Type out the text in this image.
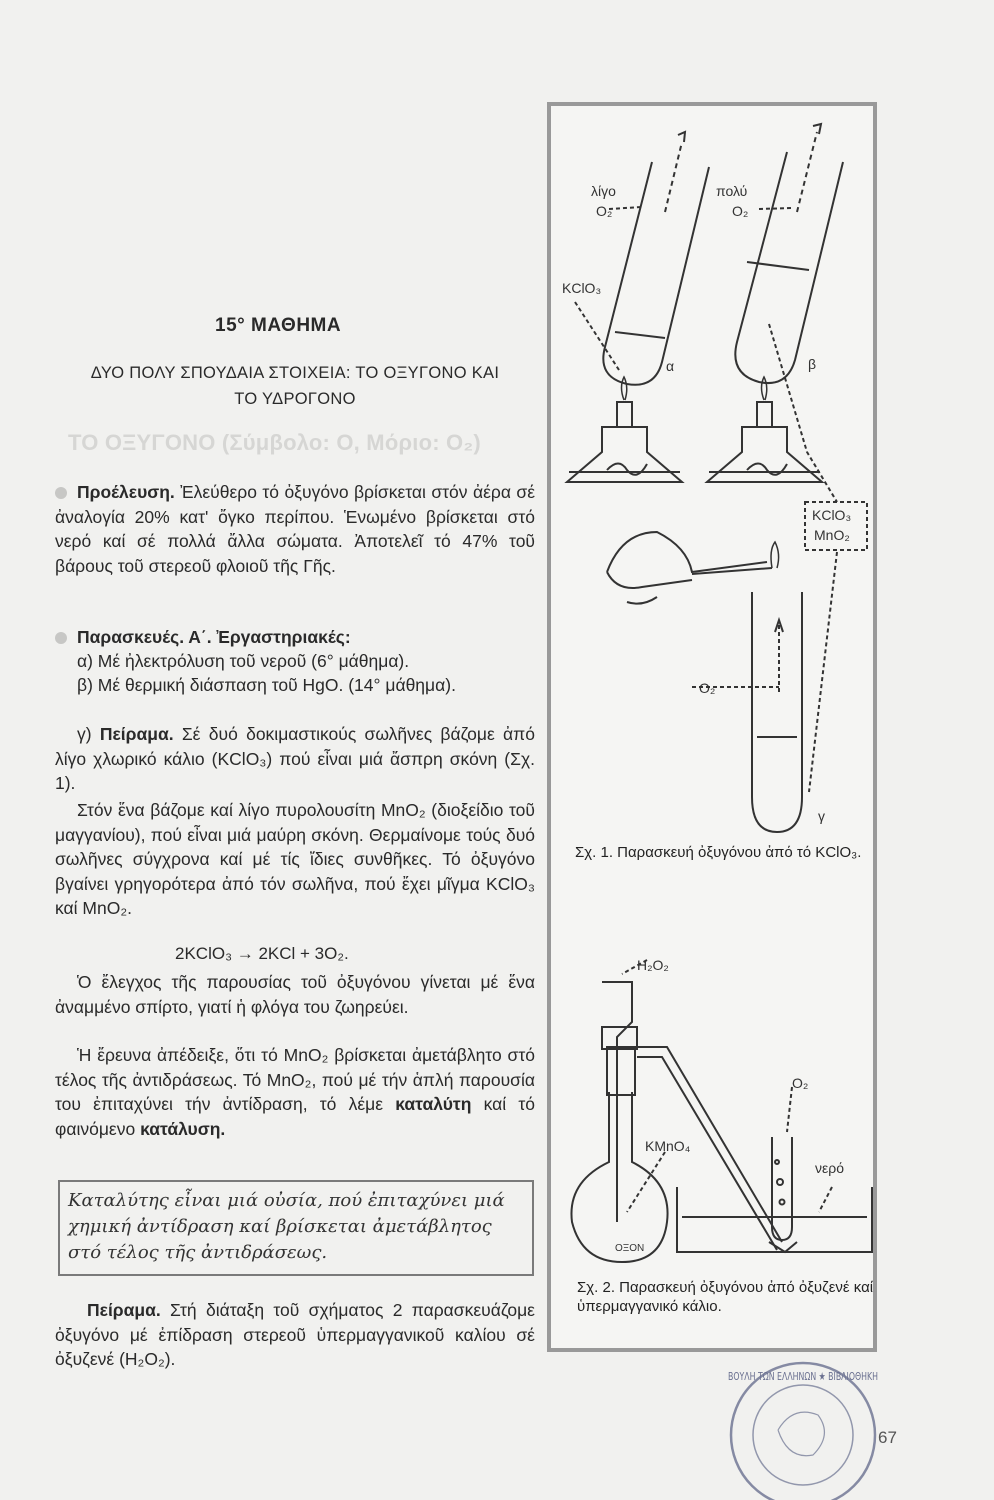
15° ΜΑΘΗΜΑ
ΔΥΟ ΠΟΛΥ ΣΠΟΥΔΑΙΑ ΣΤΟΙΧΕΙΑ: ΤΟ ΟΞΥΓΟΝΟ ΚΑΙ
ΤΟ ΥΔΡΟΓΟΝΟ
ΤΟ ΟΞΥΓΟΝΟ (Σύμβολο: Ο, Μόριο: Ο₂)
Προέλευση. Ἐλεύθερο τό ὀξυγόνο βρίσκεται στόν ἀέρα σέ ἀναλογία 20% κατ' ὄγκο περίπου. Ἑνωμένο βρίσκεται στό νερό καί σέ πολλά ἄλλα σώματα. Ἀποτελεῖ τό 47% τοῦ βάρους τοῦ στερεοῦ φλοιοῦ τῆς Γῆς.
Παρασκευές. Α΄. Ἐργαστηριακές:
α) Μέ ἠλεκτρόλυση τοῦ νεροῦ (6° μάθημα).
β) Μέ θερμική διάσπαση τοῦ HgO. (14° μάθημα).
γ) Πείραμα. Σέ δυό δοκιμαστικούς σωλῆνες βάζομε ἀπό λίγο χλωρικό κάλιο (KClO₃) πού εἶναι μιά ἄσπρη σκόνη (Σχ. 1).
Στόν ἕνα βάζομε καί λίγο πυρολουσίτη MnO₂ (διοξείδιο τοῦ μαγγανίου), πού εἶναι μιά μαύρη σκόνη. Θερμαίνομε τούς δυό σωλῆνες σύγχρονα καί μέ τίς ἴδιες συνθῆκες. Τό ὀξυγόνο βγαίνει γρηγορότερα ἀπό τόν σωλῆνα, πού ἔχει μῖγμα KClO₃ καί MnO₂.
2KClO₃ → 2KCl + 3O₂.
Ὁ ἔλεγχος τῆς παρουσίας τοῦ ὀξυγόνου γίνεται μέ ἕνα ἀναμμένο σπίρτο, γιατί ἡ φλόγα του ζωηρεύει.
Ἡ ἔρευνα ἀπέδειξε, ὅτι τό MnO₂ βρίσκεται ἀμετάβλητο στό τέλος τῆς ἀντιδράσεως. Τό MnO₂, πού μέ τήν ἁπλή παρουσία του ἐπιταχύνει τήν ἀντίδραση, τό λέμε καταλύτη καί τό φαινόμενο κατάλυση.
Καταλύτης εἶναι μιά οὐσία, πού ἐπιταχύνει μιά χημική ἀντίδραση καί βρίσκεται ἀμετάβλητος στό τέλος τῆς ἀντιδράσεως.
Πείραμα. Στή διάταξη τοῦ σχήματος 2 παρασκευάζομε ὀξυγόνο μέ ἐπίδραση στερεοῦ ὑπερμαγγανικοῦ καλίου σέ ὀξυζενέ (H₂O₂).
λίγο
O₂
πολύ
O₂
KClO₃
α	β
KClO₃
MnO₂
O₂
γ
Σχ. 1. Παρασκευή ὀξυγόνου ἀπό τό KClO₃.
H₂O₂
O₂
KMnO₄
νερό
ΟΞΟΝ
Σχ. 2. Παρασκευή ὀξυγόνου ἀπό ὀξυζενέ καί ὑπερμαγγανικό κάλιο.
ΒΟΥΛΗ ΤΩΝ ΕΛΛΗΝΩΝ ★ ΒΙΒΛΙΟΘΗΚΗ
67
